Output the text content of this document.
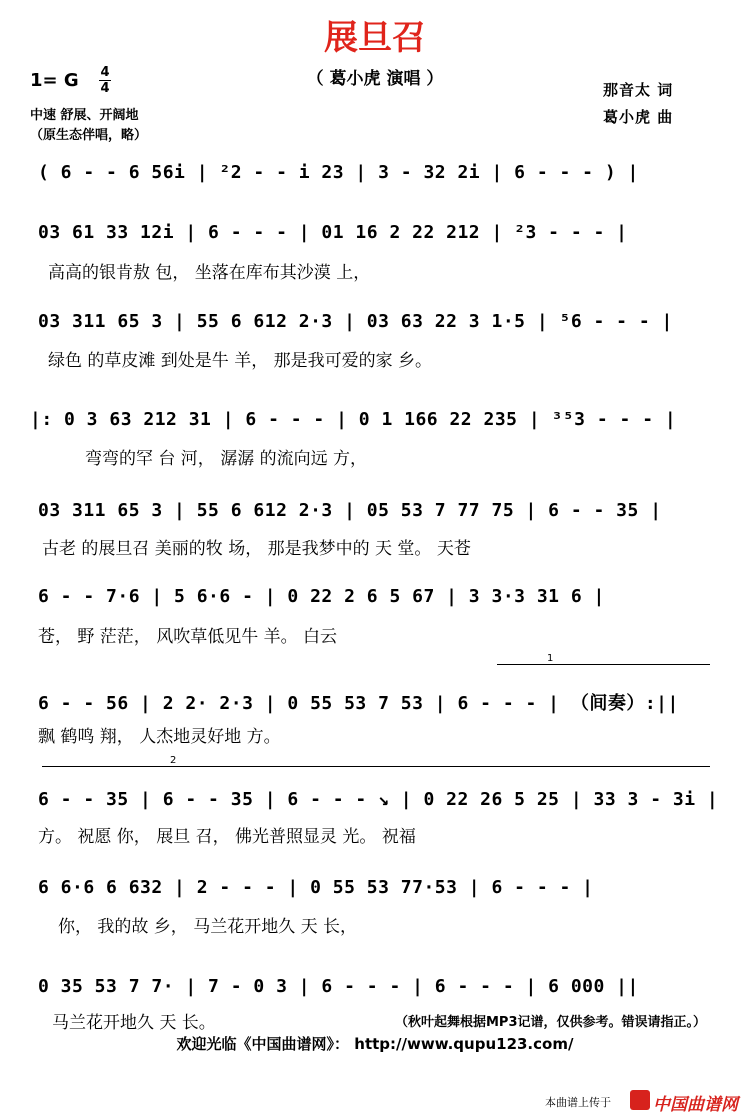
展旦召
（ 葛小虎 演唱 ）
1= G 4
4
中速 舒展、开阔地
（原生态伴唱，略）
那音太 词
葛小虎 曲
( 6 - - 6 56i | ²2 - - i 23 | 3 - 32 2i | 6 - - - ) |
03 61 33 12i | 6 - - - | 01 16 2 22 212 | ²3 - - - |
高高的银肯敖 包， 坐落在库布其沙漠 上，
03 311 65 3 | 55 6 612 2·3 | 03 63 22 3 1·5 | ⁵6 - - - |
绿色 的草皮滩 到处是牛 羊， 那是我可爱的家 乡。
|: 0 3 63 212 31 | 6 - - - | 0 1 166 22 235 | ³⁵3 - - - |
弯弯的罕 台 河， 潺潺 的流向远 方，
03 311 65 3 | 55 6 612 2·3 | 05 53 7 77 75 | 6 - - 35 |
古老 的展旦召 美丽的牧 场， 那是我梦中的 天 堂。 天苍
6 - - 7·6 | 5 6·6 - | 0 22 2 6 5 67 | 3 3·3 31 6 |
苍， 野 茫茫， 风吹草低见牛 羊。 白云
1
6 - - 56 | 2 2· 2·3 | 0 55 53 7 53 | 6 - - - | （间奏）:||
飘 鹤鸣 翔， 人杰地灵好地 方。
2
6 - - 35 | 6 - - 35 | 6 - - - ↘ | 0 22 26 5 25 | 33 3 - 3i |
方。 祝愿 你， 展旦 召， 佛光普照显灵 光。 祝福
6 6·6 6 632 | 2 - - - | 0 55 53 77·53 | 6 - - - |
你， 我的故 乡， 马兰花开地久 天 长，
0 35 53 7 7· | 7 - 0 3 | 6 - - - | 6 - - - | 6 000 ||
马兰花开地久 天 长。	（秋叶起舞根据MP3记谱，仅供参考。错误请指正。）
欢迎光临《中国曲谱网》： http://www.qupu123.com/
本曲谱上传于 中国曲谱网
